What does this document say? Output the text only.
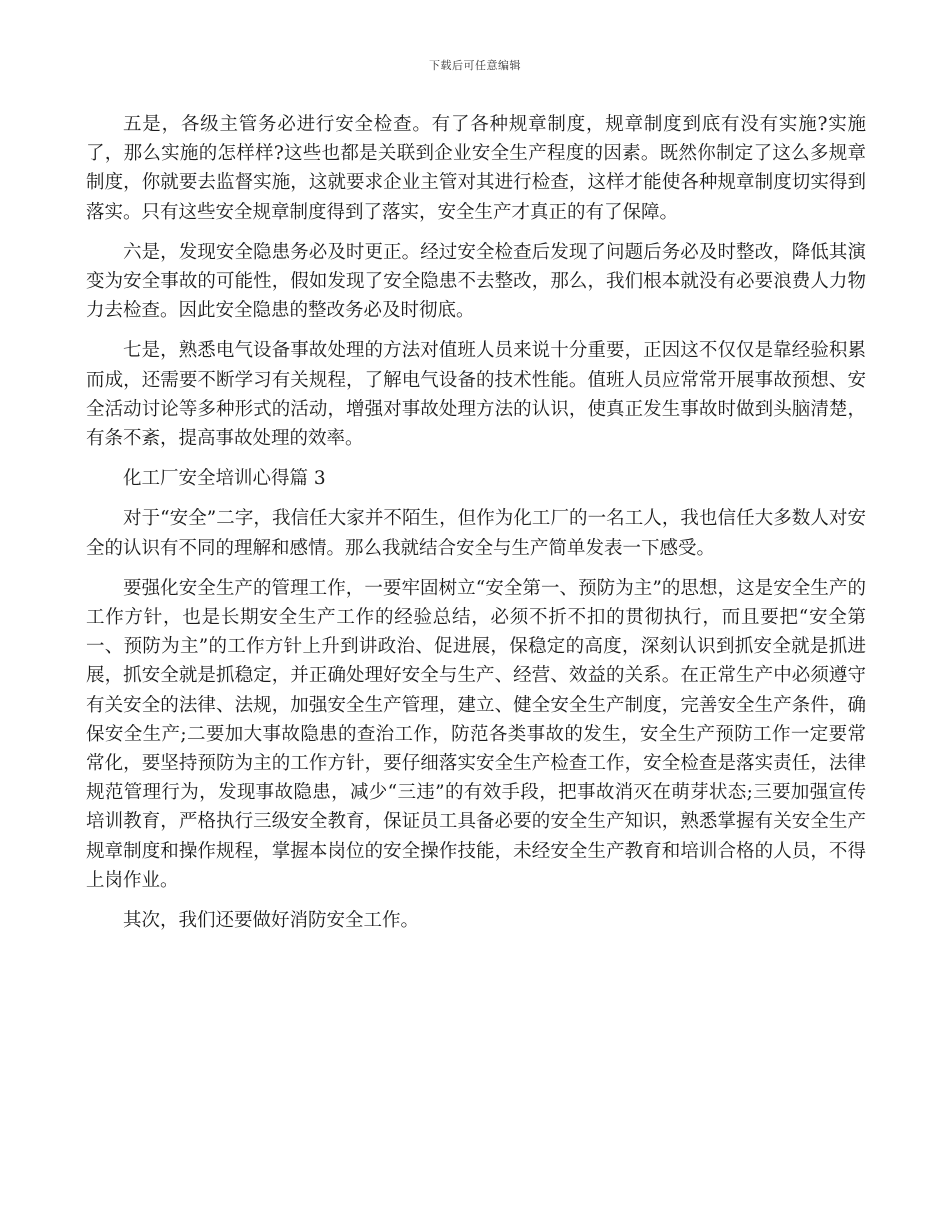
下载后可任意编辑

五是，各级主管务必进行安全检查。有了各种规章制度，规章制度到底有没有实施?实施了，那么实施的怎样样?这些也都是关联到企业安全生产程度的因素。既然你制定了这么多规章制度，你就要去监督实施，这就要求企业主管对其进行检查，这样才能使各种规章制度切实得到落实。只有这些安全规章制度得到了落实，安全生产才真正的有了保障。

六是，发现安全隐患务必及时更正。经过安全检查后发现了问题后务必及时整改，降低其演变为安全事故的可能性，假如发现了安全隐患不去整改，那么，我们根本就没有必要浪费人力物力去检查。因此安全隐患的整改务必及时彻底。

七是，熟悉电气设备事故处理的方法对值班人员来说十分重要，正因这不仅仅是靠经验积累而成，还需要不断学习有关规程，了解电气设备的技术性能。值班人员应常常开展事故预想、安全活动讨论等多种形式的活动，增强对事故处理方法的认识，使真正发生事故时做到头脑清楚，有条不紊，提高事故处理的效率。

化工厂安全培训心得篇 3

对于“安全”二字，我信任大家并不陌生，但作为化工厂的一名工人，我也信任大多数人对安全的认识有不同的理解和感情。那么我就结合安全与生产简单发表一下感受。

要强化安全生产的管理工作，一要牢固树立“安全第一、预防为主”的思想，这是安全生产的工作方针，也是长期安全生产工作的经验总结，必须不折不扣的贯彻执行，而且要把“安全第一、预防为主”的工作方针上升到讲政治、促进展，保稳定的高度，深刻认识到抓安全就是抓进展，抓安全就是抓稳定，并正确处理好安全与生产、经营、效益的关系。在正常生产中必须遵守有关安全的法律、法规，加强安全生产管理，建立、健全安全生产制度，完善安全生产条件，确保安全生产;二要加大事故隐患的查治工作，防范各类事故的发生，安全生产预防工作一定要常常化，要坚持预防为主的工作方针，要仔细落实安全生产检查工作，安全检查是落实责任，法律规范管理行为，发现事故隐患，减少“三违”的有效手段，把事故消灭在萌芽状态;三要加强宣传培训教育，严格执行三级安全教育，保证员工具备必要的安全生产知识，熟悉掌握有关安全生产规章制度和操作规程，掌握本岗位的安全操作技能，未经安全生产教育和培训合格的人员，不得上岗作业。

其次，我们还要做好消防安全工作。
